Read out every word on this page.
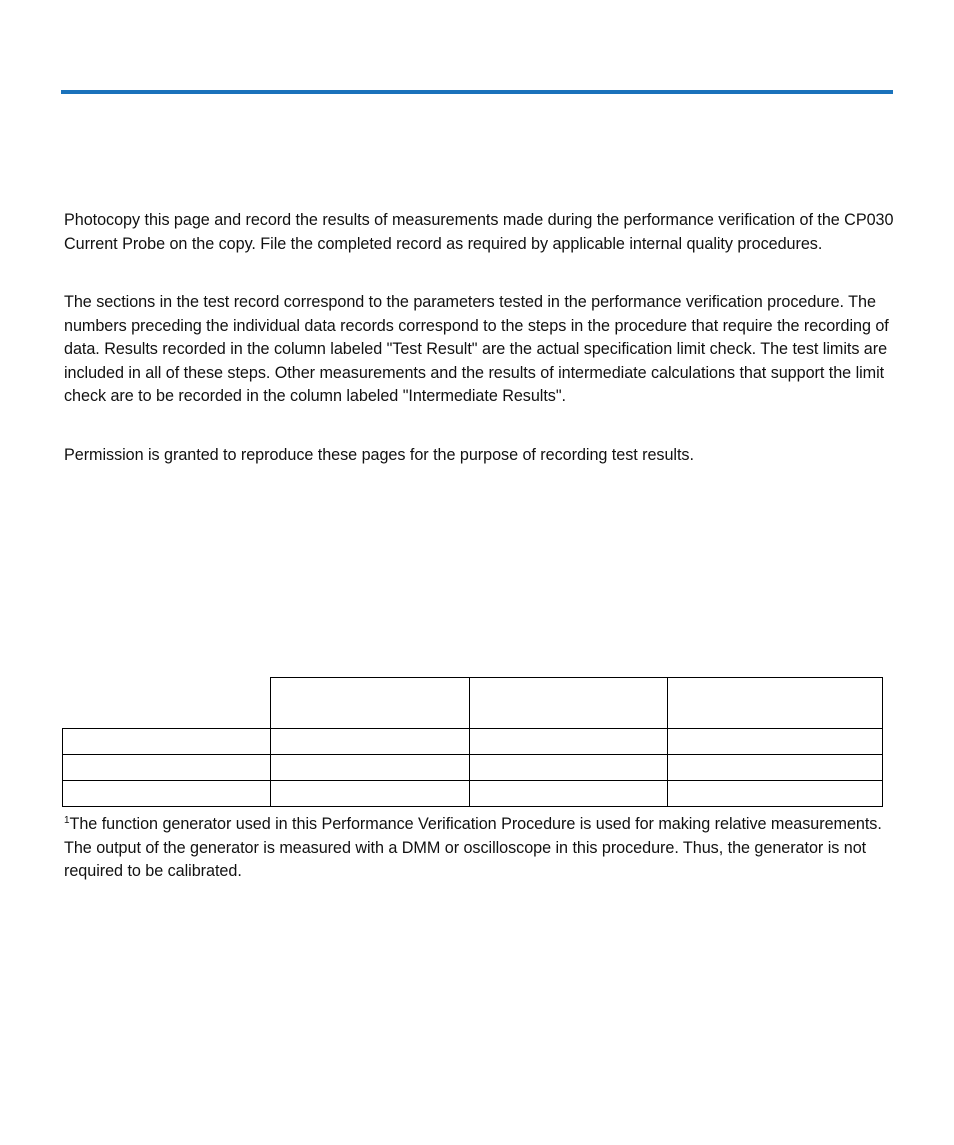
Photocopy this page and record the results of measurements made during the performance verification of the CP030 Current Probe on the copy. File the completed record as required by applicable internal quality procedures.

The sections in the test record correspond to the parameters tested in the performance verification procedure. The numbers preceding the individual data records correspond to the steps in the procedure that require the recording of data. Results recorded in the column labeled "Test Result" are the actual specification limit check. The test limits are included in all of these steps. Other measurements and the results of intermediate calculations that support the limit check are to be recorded in the column labeled "Intermediate Results".

Permission is granted to reproduce these pages for the purpose of recording test results.

$^1$The function generator used in this Performance Verification Procedure is used for making relative measurements. The output of the generator is measured with a DMM or oscilloscope in this procedure. Thus, the generator is not required to be calibrated.
